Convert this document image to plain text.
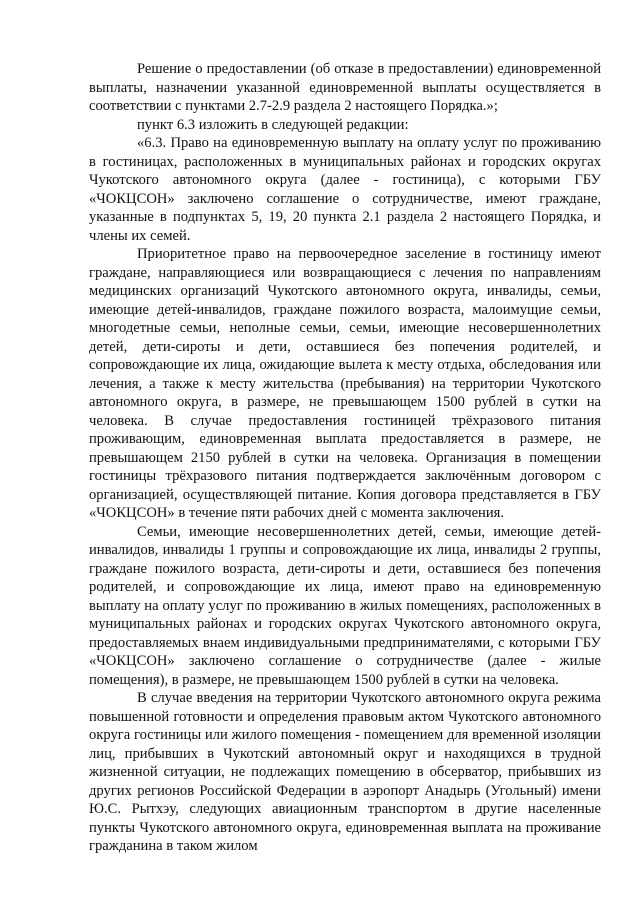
Решение о предоставлении (об отказе в предоставлении) единовременной выплаты, назначении указанной единовременной выплаты осуществляется в соответствии с пунктами 2.7-2.9 раздела 2 настоящего Порядка.»;

пункт 6.3 изложить в следующей редакции:

«6.3. Право на единовременную выплату на оплату услуг по проживанию в гостиницах, расположенных в муниципальных районах и городских округах Чукотского автономного округа (далее - гостиница), с которыми ГБУ «ЧОКЦСОН» заключено соглашение о сотрудничестве, имеют граждане, указанные в подпунктах 5, 19, 20 пункта 2.1 раздела 2 настоящего Порядка, и члены их семей.

Приоритетное право на первоочередное заселение в гостиницу имеют граждане, направляющиеся или возвращающиеся с лечения по направлениям медицинских организаций Чукотского автономного округа, инвалиды, семьи, имеющие детей-инвалидов, граждане пожилого возраста, малоимущие семьи, многодетные семьи, неполные семьи, семьи, имеющие несовершеннолетних детей, дети-сироты и дети, оставшиеся без попечения родителей, и сопровождающие их лица, ожидающие вылета к месту отдыха, обследования или лечения, а также к месту жительства (пребывания) на территории Чукотского автономного округа, в размере, не превышающем 1500 рублей в сутки на человека. В случае предоставления гостиницей трёхразового питания проживающим, единовременная выплата предоставляется в размере, не превышающем 2150 рублей в сутки на человека. Организация в помещении гостиницы трёхразового питания подтверждается заключённым договором с организацией, осуществляющей питание. Копия договора представляется в ГБУ «ЧОКЦСОН» в течение пяти рабочих дней с момента заключения.

Семьи, имеющие несовершеннолетних детей, семьи, имеющие детей-инвалидов, инвалиды 1 группы и сопровождающие их лица, инвалиды 2 группы, граждане пожилого возраста, дети-сироты и дети, оставшиеся без попечения родителей, и сопровождающие их лица, имеют право на единовременную выплату на оплату услуг по проживанию в жилых помещениях, расположенных в муниципальных районах и городских округах Чукотского автономного округа, предоставляемых внаем индивидуальными предпринимателями, с которыми ГБУ «ЧОКЦСОН» заключено соглашение о сотрудничестве (далее - жилые помещения), в размере, не превышающем 1500 рублей в сутки на человека.

В случае введения на территории Чукотского автономного округа режима повышенной готовности и определения правовым актом Чукотского автономного округа гостиницы или жилого помещения - помещением для временной изоляции лиц, прибывших в Чукотский автономный округ и находящихся в трудной жизненной ситуации, не подлежащих помещению в обсерватор, прибывших из других регионов Российской Федерации в аэропорт Анадырь (Угольный) имени Ю.С. Рытхэу, следующих авиационным транспортом в другие населенные пункты Чукотского автономного округа, единовременная выплата на проживание гражданина в таком жилом
